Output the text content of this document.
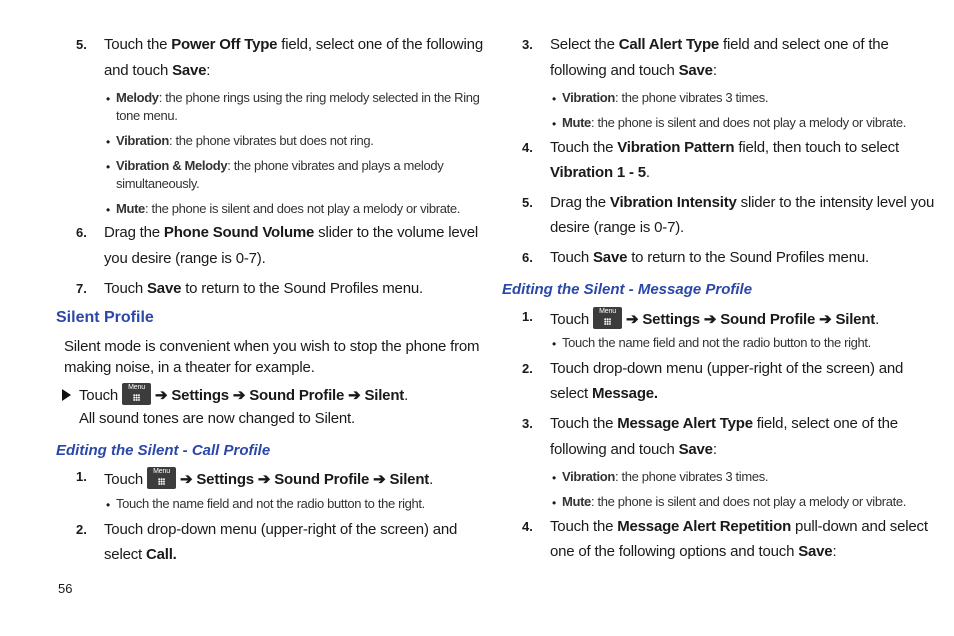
5. Touch the Power Off Type field, select one of the following
and touch Save:
• Melody: the phone rings using the ring melody selected in the Ring
tone menu.
• Vibration: the phone vibrates but does not ring.
• Vibration & Melody: the phone vibrates and plays a melody
simultaneously.
• Mute: the phone is silent and does not play a melody or vibrate.
6. Drag the Phone Sound Volume slider to the volume level
you desire (range is 0-7).
7. Touch Save to return to the Sound Profiles menu.
Silent Profile
Silent mode is convenient when you wish to stop the phone from
making noise, in a theater for example.
Touch	Menu ➔ Settings ➔ Sound Profile ➔ Silent.
All sound tones are now changed to Silent.
Editing the Silent - Call Profile
1. Touch	Menu ➔ Settings ➔ Sound Profile ➔ Silent.
• Touch the name field and not the radio button to the right.
2. Touch drop-down menu (upper-right of the screen) and
select Call.
56
3. Select the Call Alert Type field and select one of the
following and touch Save:
• Vibration: the phone vibrates 3 times.
• Mute: the phone is silent and does not play a melody or vibrate.
4. Touch the Vibration Pattern field, then touch to select
Vibration 1 - 5.
5. Drag the Vibration Intensity slider to the intensity level you
desire (range is 0-7).
6. Touch Save to return to the Sound Profiles menu.
Editing the Silent - Message Profile
1. Touch	Menu ➔ Settings ➔ Sound Profile ➔ Silent.
• Touch the name field and not the radio button to the right.
2. Touch drop-down menu (upper-right of the screen) and
select Message.
3. Touch the Message Alert Type field, select one of the
following and touch Save:
• Vibration: the phone vibrates 3 times.
• Mute: the phone is silent and does not play a melody or vibrate.
4. Touch the Message Alert Repetition pull-down and select
one of the following options and touch Save:
